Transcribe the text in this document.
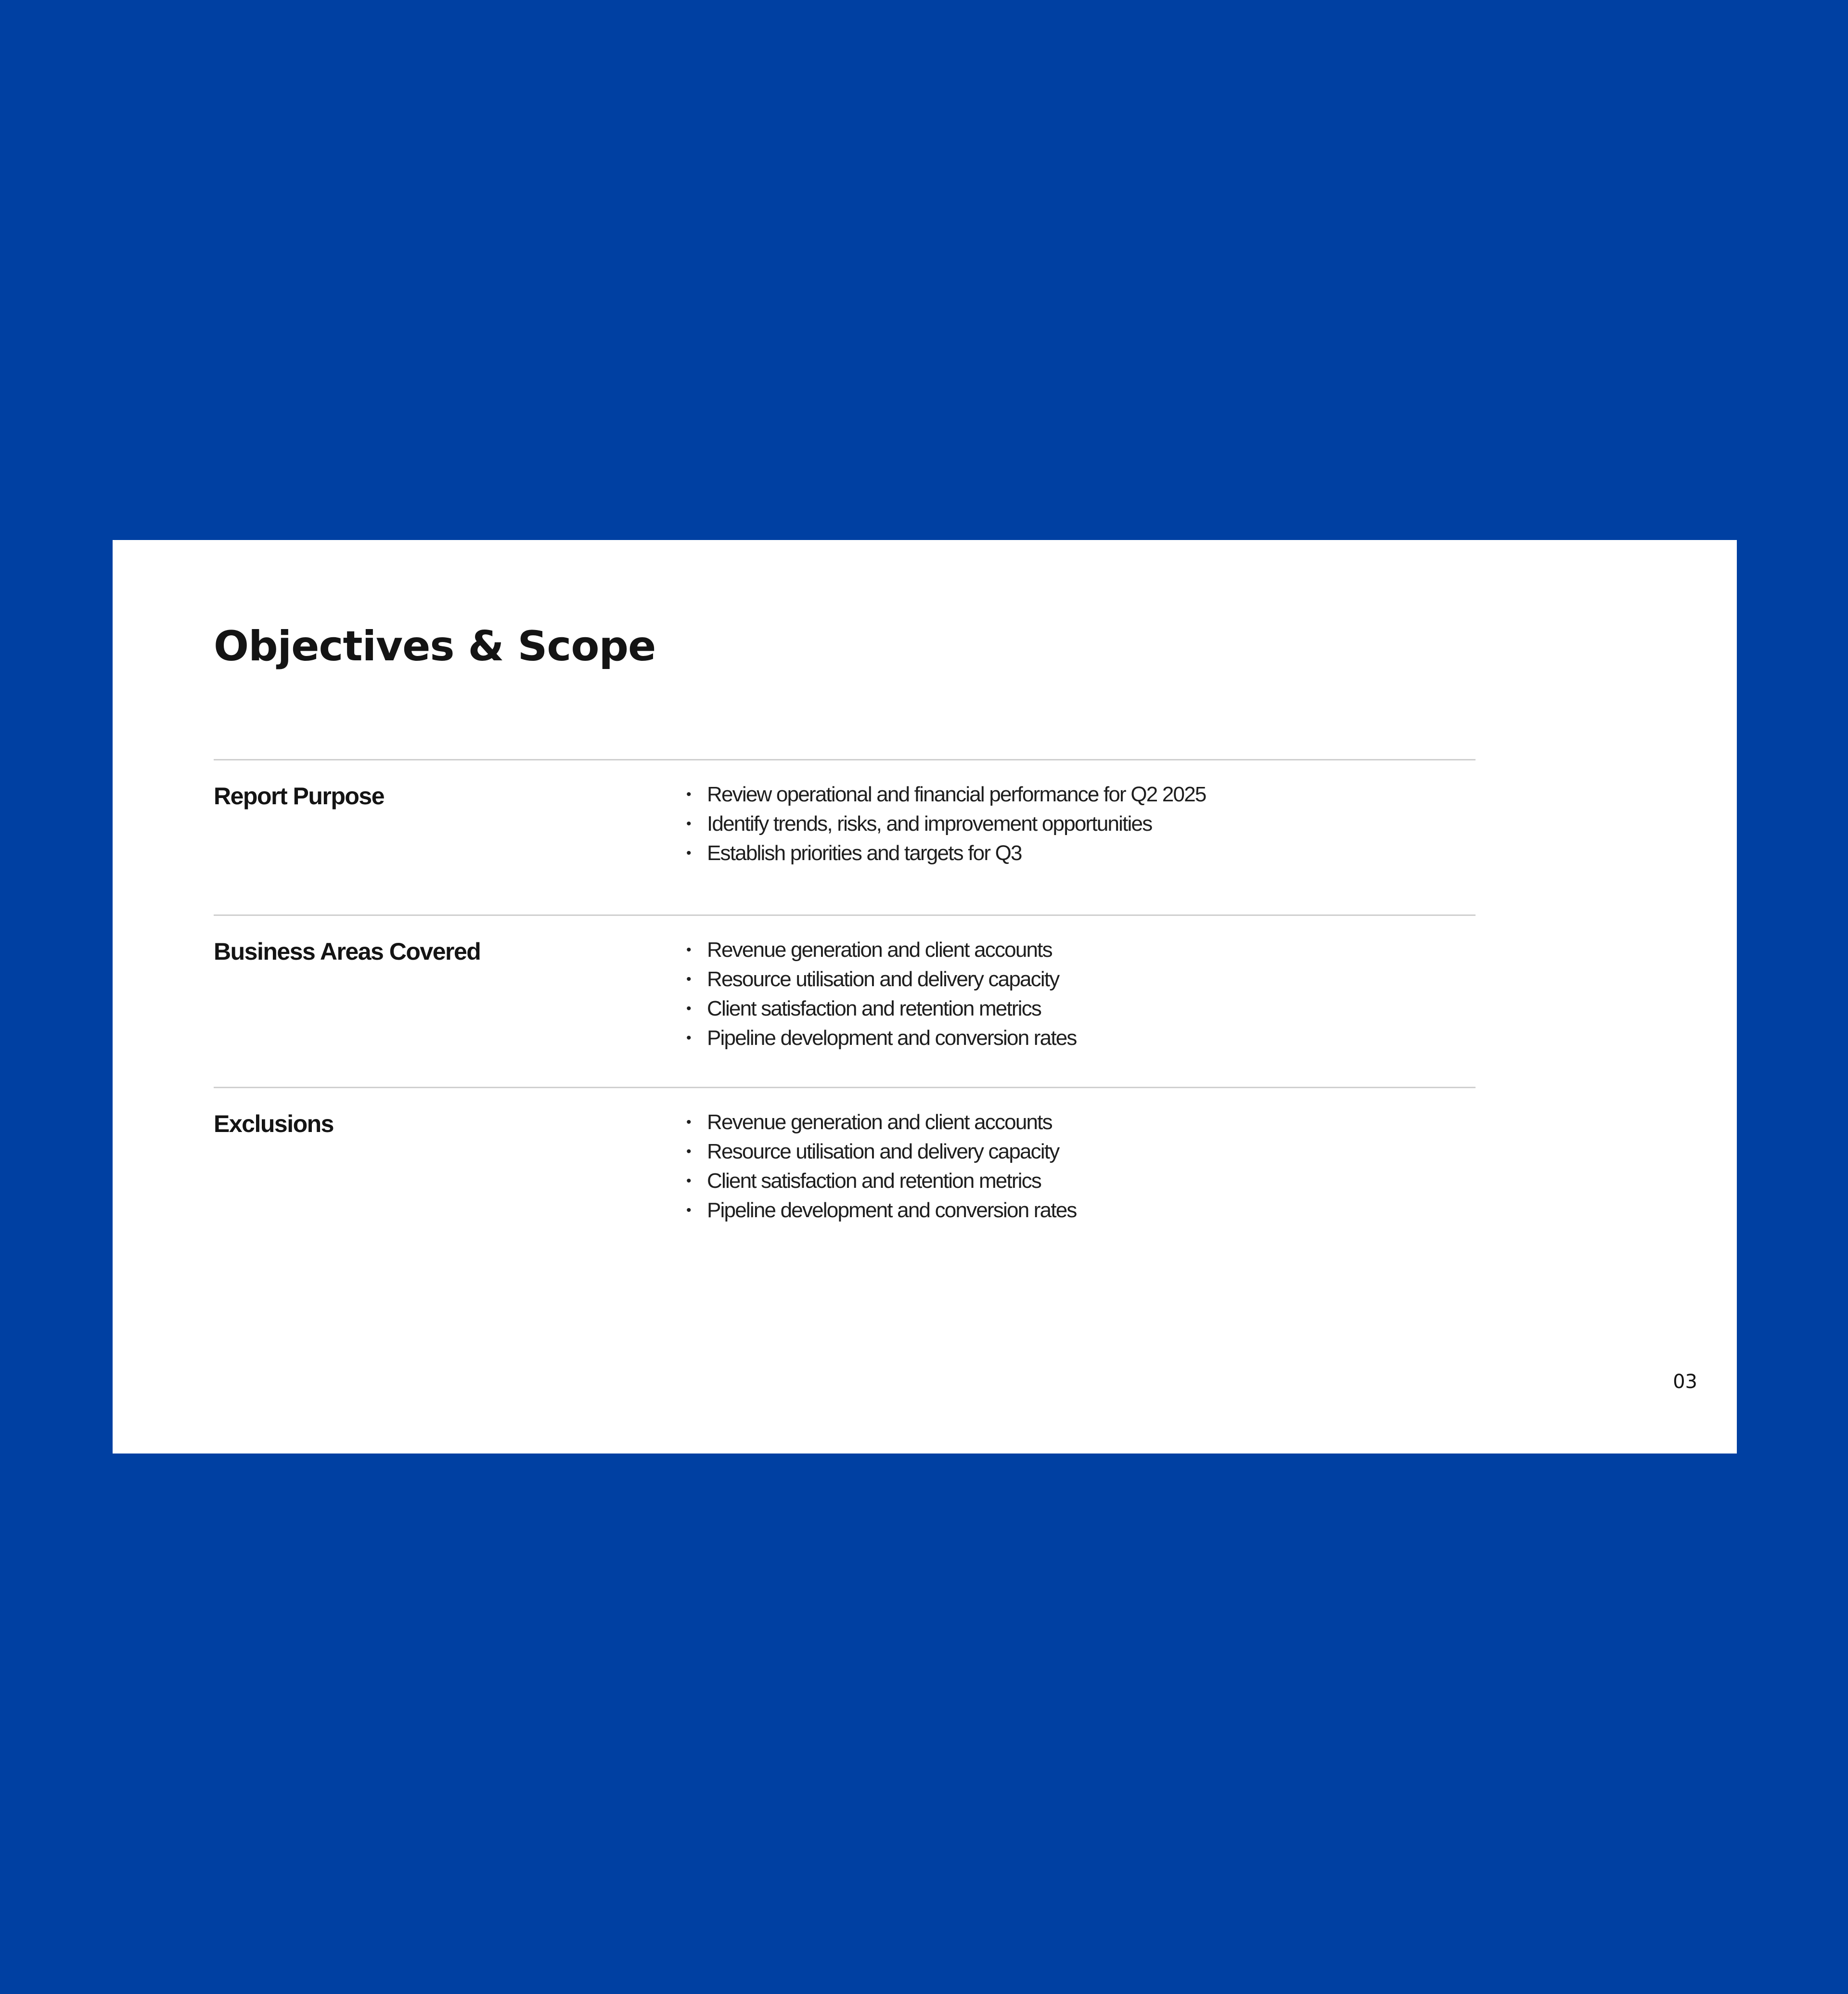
Objectives & Scope
Report Purpose	• Review operational and financial performance for Q2 2025
• Identify trends, risks, and improvement opportunities
• Establish priorities and targets for Q3
Business Areas Covered	• Revenue generation and client accounts
• Resource utilisation and delivery capacity
• Client satisfaction and retention metrics
• Pipeline development and conversion rates
Exclusions	• Revenue generation and client accounts
• Resource utilisation and delivery capacity
• Client satisfaction and retention metrics
• Pipeline development and conversion rates
03
